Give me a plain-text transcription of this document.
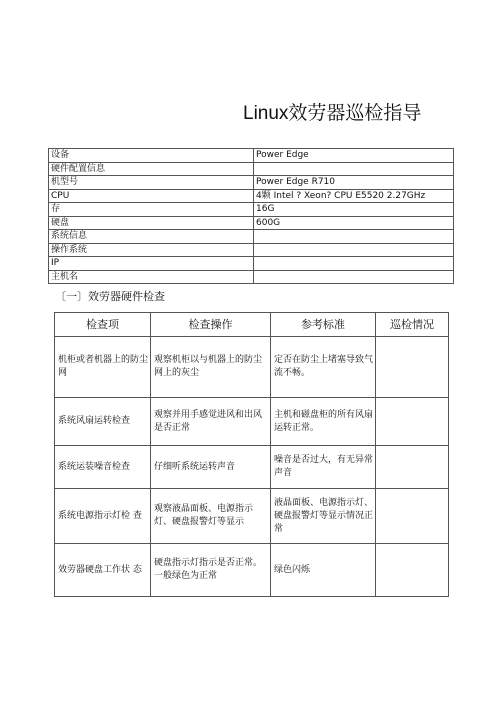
Linux效劳器巡检指导
设备	Power Edge
硬件配置信息	
机型号	Power Edge R710
CPU	4颗 Intel ? Xeon? CPU E5520 2.27GHz
存	16G
硬盘	600G
系统信息	
操作系统	
IP	
主机名	
〔一〕效劳器硬件检查
检查项	检查操作	参考标准	巡检情况
机柜或者机器上的防尘网	观察机柜以与机器上的防尘网上的灰尘	定否在防尘上堵塞导致气流不畅。	
系统风扇运转检查	观察并用手感觉进风和出风是否正常	主机和磁盘柜的所有风扇运转正常。	
系统运装噪音检查	仔细听系统运转声音	噪音是否过大，有无异常声音	
系统电源指示灯检 查	观察液晶面板、电源指示灯、硬盘报警灯等显示	液晶面板、电源指示灯、硬盘报警灯等显示情况正常	
效劳器硬盘工作状 态	硬盘指示灯指示是否正常。一般绿色为正常	绿色闪烁	
